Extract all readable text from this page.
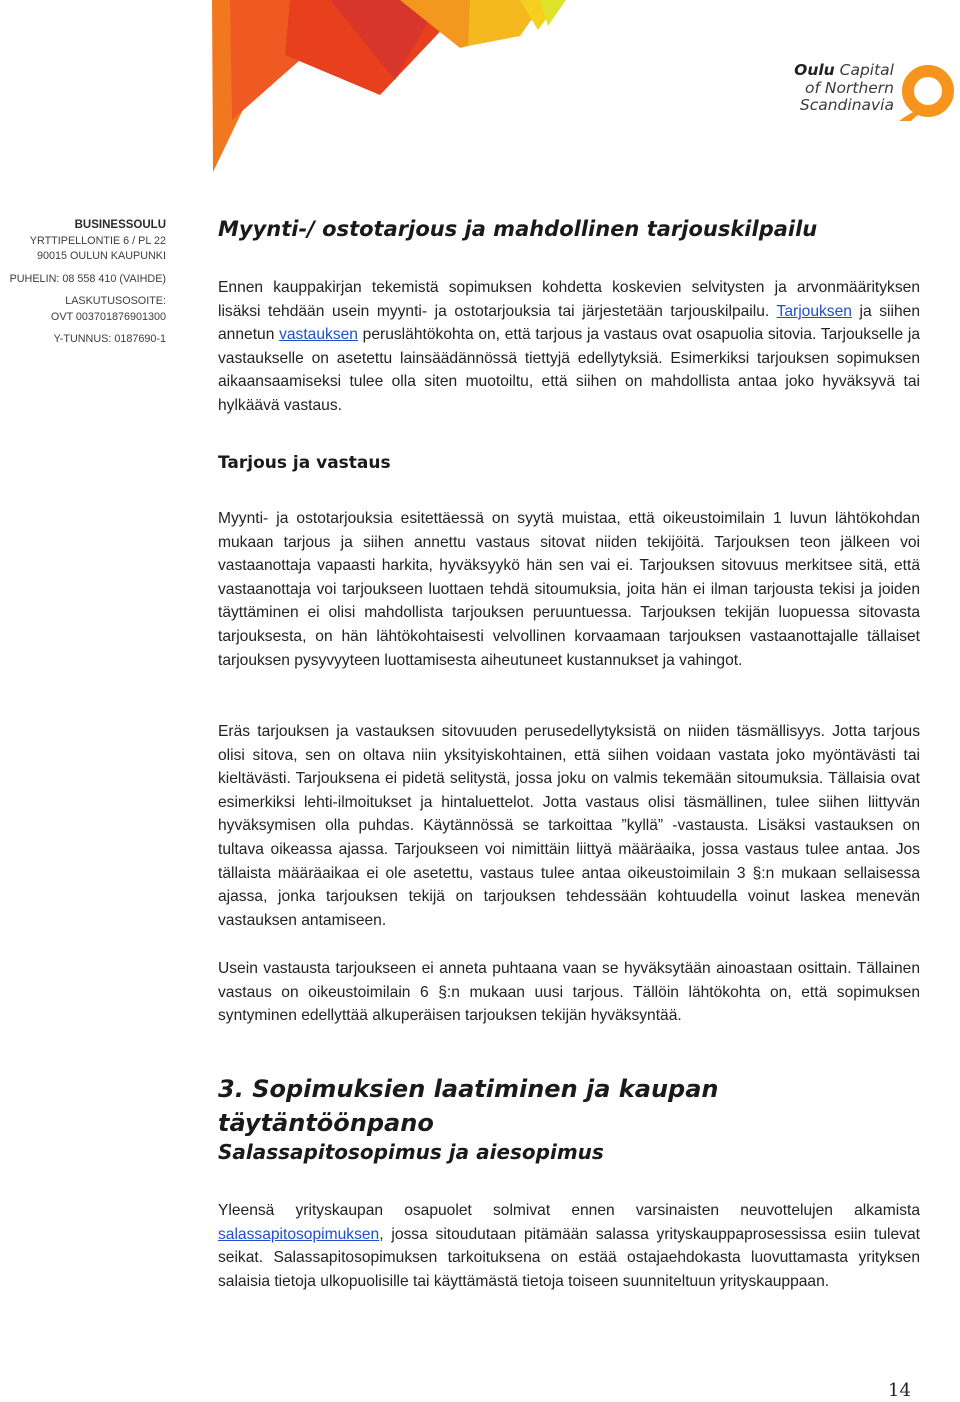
Oulu Capital
of Northern
Scandinavia
BUSINESSOULU
YRTTIPELLONTIE 6 / PL 22
90015 OULUN KAUPUNKI
PUHELIN: 08 558 410 (VAIHDE)
LASKUTUSOSOITE:
OVT 003701876901300
Y-TUNNUS: 0187690-1
Myynti-/ ostotarjous ja mahdollinen tarjouskilpailu

Ennen kauppakirjan tekemistä sopimuksen kohdetta koskevien selvitysten ja arvonmäärityksen lisäksi tehdään usein myynti- ja ostotarjouksia tai järjestetään tarjouskilpailu. Tarjouksen ja siihen annetun vastauksen peruslähtökohta on, että tarjous ja vastaus ovat osapuolia sitovia. Tarjoukselle ja vastaukselle on asetettu lainsäädännössä tiettyjä edellytyksiä. Esimerkiksi tarjouksen sopimuksen aikaansaamiseksi tulee olla siten muotoiltu, että siihen on mahdollista antaa joko hyväksyvä tai hylkäävä vastaus.

Tarjous ja vastaus

Myynti- ja ostotarjouksia esitettäessä on syytä muistaa, että oikeustoimilain 1 luvun lähtökohdan mukaan tarjous ja siihen annettu vastaus sitovat niiden tekijöitä. Tarjouksen teon jälkeen voi vastaanottaja vapaasti harkita, hyväksyykö hän sen vai ei. Tarjouksen sitovuus merkitsee sitä, että vastaanottaja voi tarjoukseen luottaen tehdä sitoumuksia, joita hän ei ilman tarjousta tekisi ja joiden täyttäminen ei olisi mahdollista tarjouksen peruuntuessa. Tarjouksen tekijän luopuessa sitovasta tarjouksesta, on hän lähtökohtaisesti velvollinen korvaamaan tarjouksen vastaanottajalle tällaiset tarjouksen pysyvyyteen luottamisesta aiheutuneet kustannukset ja vahingot.

Eräs tarjouksen ja vastauksen sitovuuden perusedellytyksistä on niiden täsmällisyys. Jotta tarjous olisi sitova, sen on oltava niin yksityiskohtainen, että siihen voidaan vastata joko myöntävästi tai kieltävästi. Tarjouksena ei pidetä selitystä, jossa joku on valmis tekemään sitoumuksia. Tällaisia ovat esimerkiksi lehti-ilmoitukset ja hintaluettelot. Jotta vastaus olisi täsmällinen, tulee siihen liittyvän hyväksymisen olla puhdas. Käytännössä se tarkoittaa ”kyllä” -vastausta. Lisäksi vastauksen on tultava oikeassa ajassa. Tarjoukseen voi nimittäin liittyä määräaika, jossa vastaus tulee antaa. Jos tällaista määräaikaa ei ole asetettu, vastaus tulee antaa oikeustoimilain 3 §:n mukaan sellaisessa ajassa, jonka tarjouksen tekijä on tarjouksen tehdessään kohtuudella voinut laskea menevän vastauksen antamiseen.

Usein vastausta tarjoukseen ei anneta puhtaana vaan se hyväksytään ainoastaan osittain. Tällainen vastaus on oikeustoimilain 6 §:n mukaan uusi tarjous. Tällöin lähtökohta on, että sopimuksen syntyminen edellyttää alkuperäisen tarjouksen tekijän hyväksyntää.

3. Sopimuksien laatiminen ja kaupan täytäntöönpano
Salassapitosopimus ja aiesopimus

Yleensä yrityskaupan osapuolet solmivat ennen varsinaisten neuvottelujen alkamista salassapitosopimuksen, jossa sitoudutaan pitämään salassa yrityskauppaprosessissa esiin tulevat seikat. Salassapitosopimuksen tarkoituksena on estää ostajaehdokasta luovuttamasta yrityksen salaisia tietoja ulkopuolisille tai käyttämästä tietoja toiseen suunniteltuun yrityskauppaan.

14
